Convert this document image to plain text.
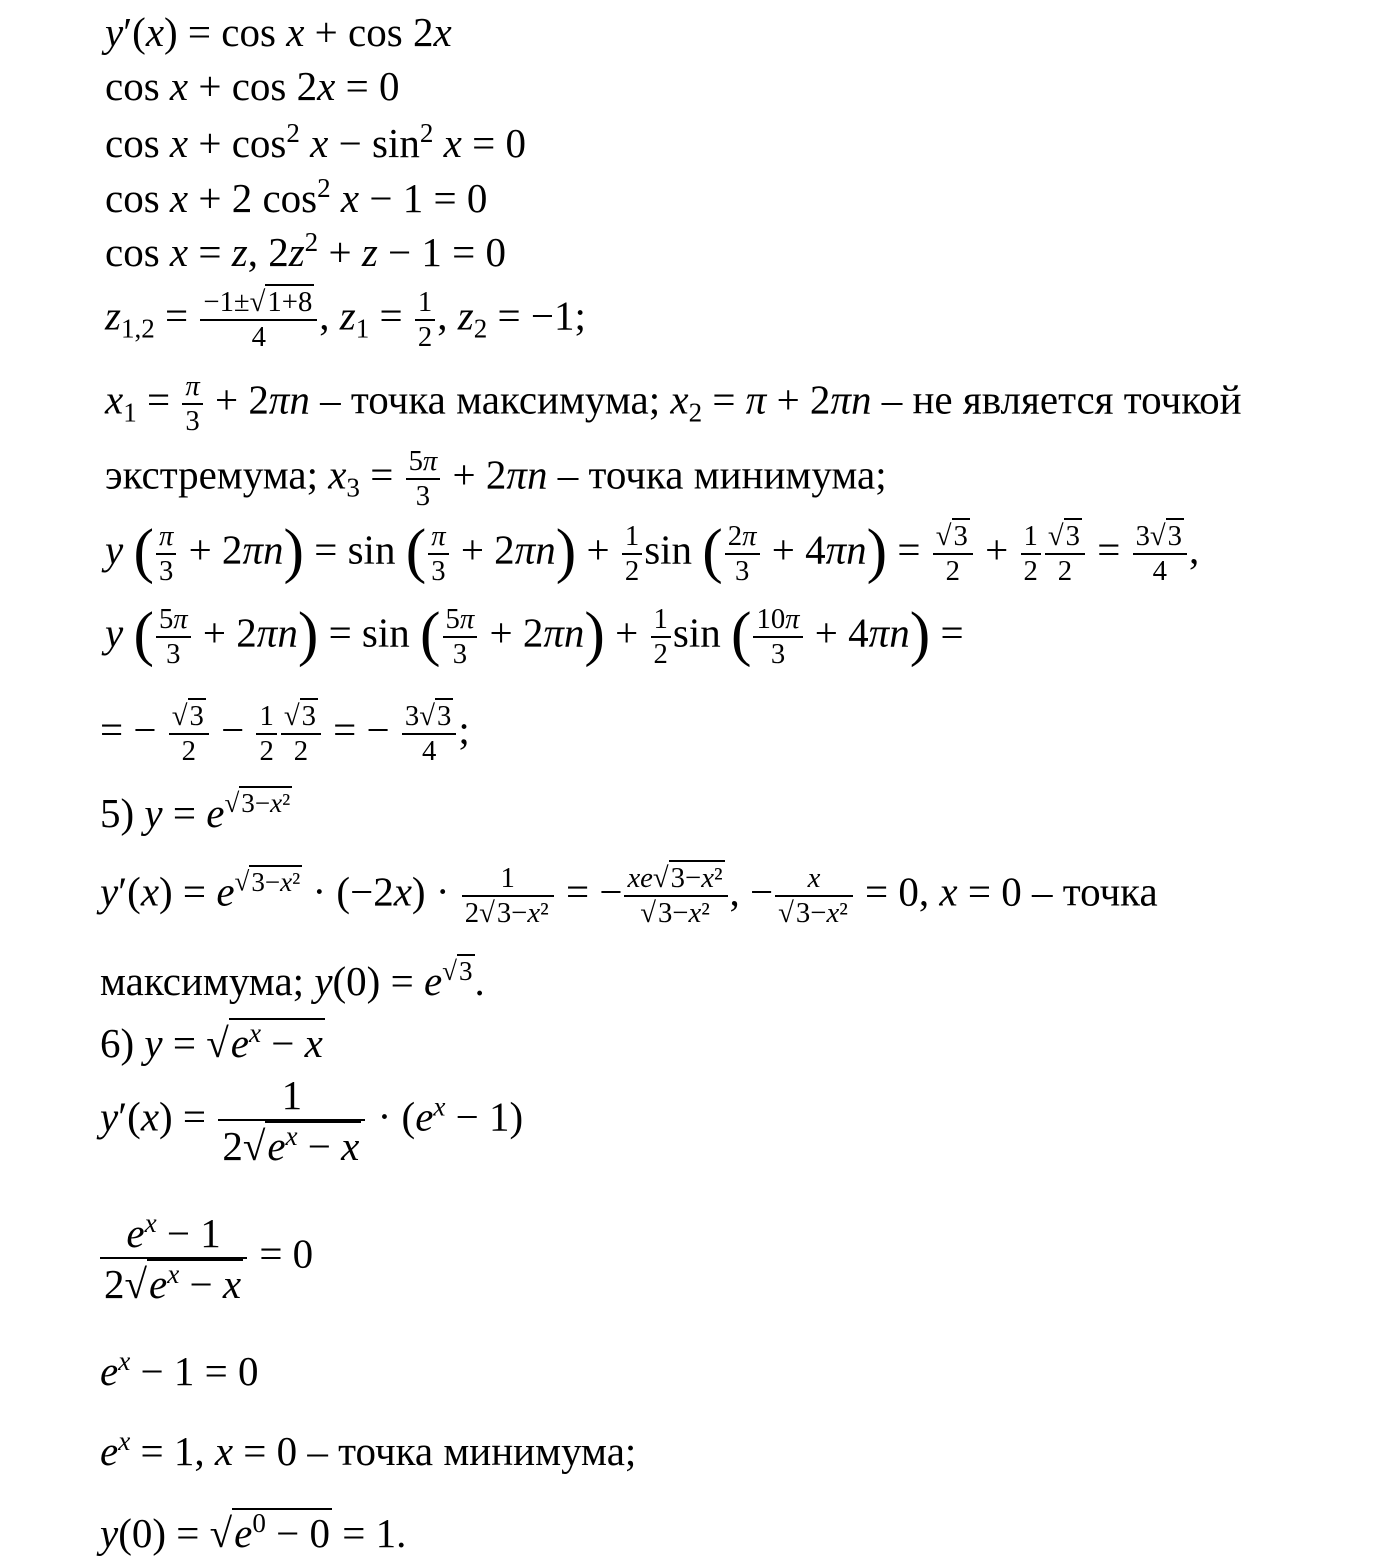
y′(x) = cos x + cos 2x
cos x + cos 2x = 0
$\cos x + \cos^2 x - \sin^2 x = 0$
cos x + 2 $\cos^2 x - 1 = 0$
cos x = z, $2z^2 + z - 1 = 0$
$z1,2 = \frac{-1\pm√1+8}{4}$ , $z1 = \frac{1}{2}$ , z2 = −1;
$x1 = \frac{\pi}{3} + 2\pi n$ – точка максимума; x2 = π + 2πn – не является точкой
экстремума; $x3 = \frac{5\pi}{3} + 2\pi n$ – точка минимума;
y ( $\frac{\pi}{3} + 2\pi n) = \sin$ ( $\frac{\pi}{3} + 2\pi n) + \frac{1}{2}$ sin ( $\frac{2\pi}{3} + 4\pi n) = \frac{√3}{2} + \frac{1}{2} \frac{√3}{2} = \frac{3√3}{4}$ ,
y ( $\frac{5\pi}{3} + 2\pi n) = \sin$ ( $\frac{5\pi}{3} + 2\pi n) + \frac{1}{2}$ sin ( $\frac{10\pi}{3} + 4\pi n$) =
= − $\frac{√3}{2} - \frac{1}{2} \frac{√3}{2}$ = − $\frac{3√3}{4}$ ;
5) $y = e^{√3-x^2}$
$y'(x) = e^{√3-x^2} \cdot (-2x) \cdot \frac{1}{\text{2√3−x²}}$ = − $\frac{\text{xe√3−x²}}{\text{√3−x²}}$ , − $\frac{x}{\text{√3−x²}} = 0$, x = 0 – точка
максимума; $y(0) = e^{√3}$.
6) $y = √e^x - x$
$y'(x) = \frac{1}{2√e^x - x} \cdot (e^x - 1)$
$\frac{e^x - 1}{2√e^x - x} = 0$
$e^x - 1 = 0$
$e^x = 1$, x = 0 – точка минимума;
$y(0) = √e^0 - 0 = 1$.
